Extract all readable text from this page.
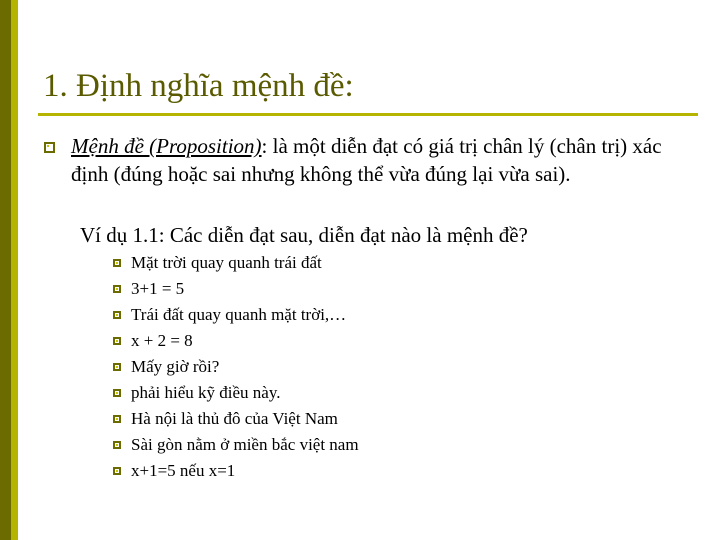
1. Định nghĩa mệnh đề:
Mệnh đề (Proposition): là một diễn đạt có giá trị chân lý (chân trị) xác định (đúng hoặc sai nhưng không thể vừa đúng lại vừa sai).
Ví dụ 1.1: Các diễn đạt sau, diễn đạt nào là mệnh đề?
Mặt trời quay quanh trái đất
3+1 = 5
Trái đất quay quanh mặt trời,…
x + 2 = 8
Mấy giờ rồi?
phải hiểu kỹ điều này.
Hà nội là thủ đô của Việt Nam
Sài gòn nằm ở miền bắc việt nam
x+1=5 nếu x=1
